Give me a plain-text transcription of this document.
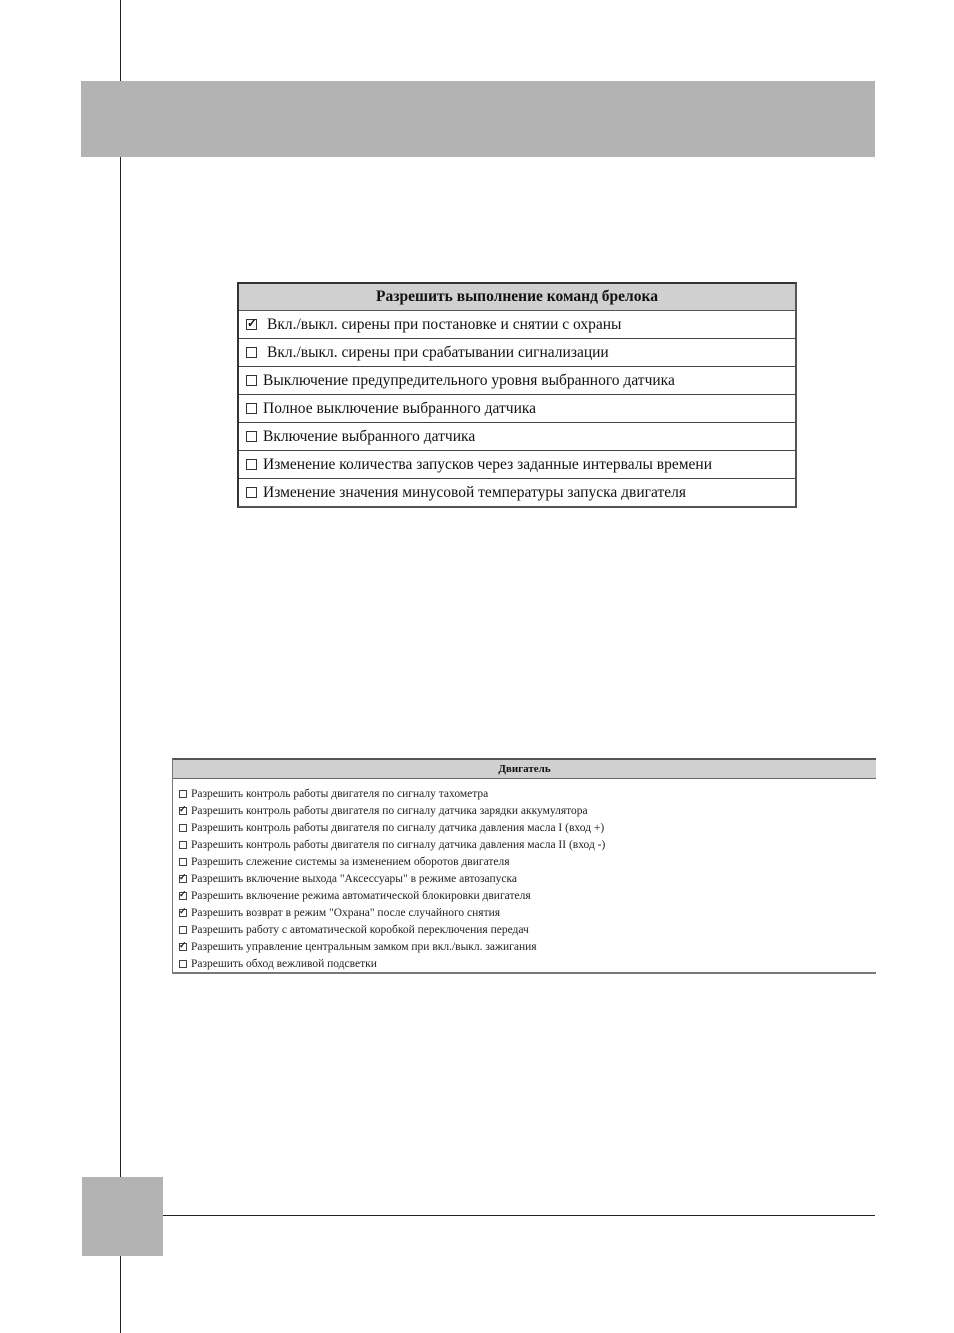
Разрешить выполнение команд брелока
✓
Вкл./выкл. сирены при постановке и снятии с охраны
Вкл./выкл. сирены при срабатывании сигнализации
Выключение предупредительного уровня выбранного датчика
Полное выключение выбранного датчика
Включение выбранного датчика
Изменение количества запусков через заданные интервалы времени
Изменение значения минусовой температуры запуска двигателя
Двигатель
Разрешить контроль работы двигателя по сигналу тахометра
✓
Разрешить контроль работы двигателя по сигналу датчика зарядки аккумулятора
Разрешить контроль работы двигателя по сигналу датчика давления масла I (вход +)
Разрешить контроль работы двигателя по сигналу датчика давления масла II (вход -)
Разрешить слежение системы за изменением оборотов двигателя
✓
Разрешить включение выхода "Аксессуары" в режиме автозапуска
✓
Разрешить включение режима автоматической блокировки двигателя
✓
Разрешить возврат в режим "Охрана" после случайного снятия
Разрешить работу с автоматической коробкой переключения передач
✓
Разрешить управление центральным замком при вкл./выкл. зажигания
Разрешить обход вежливой подсветки
